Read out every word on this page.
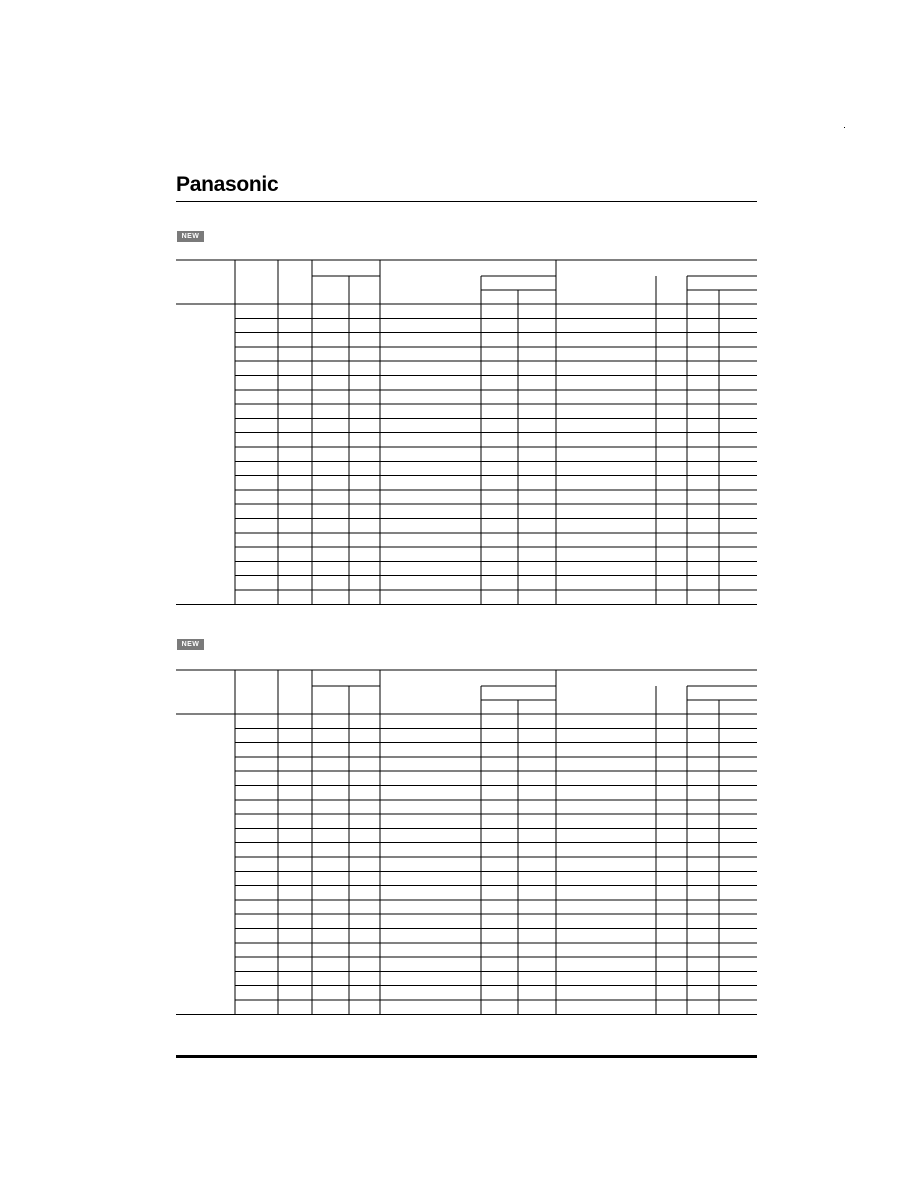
Panasonic
NEW
NEW
